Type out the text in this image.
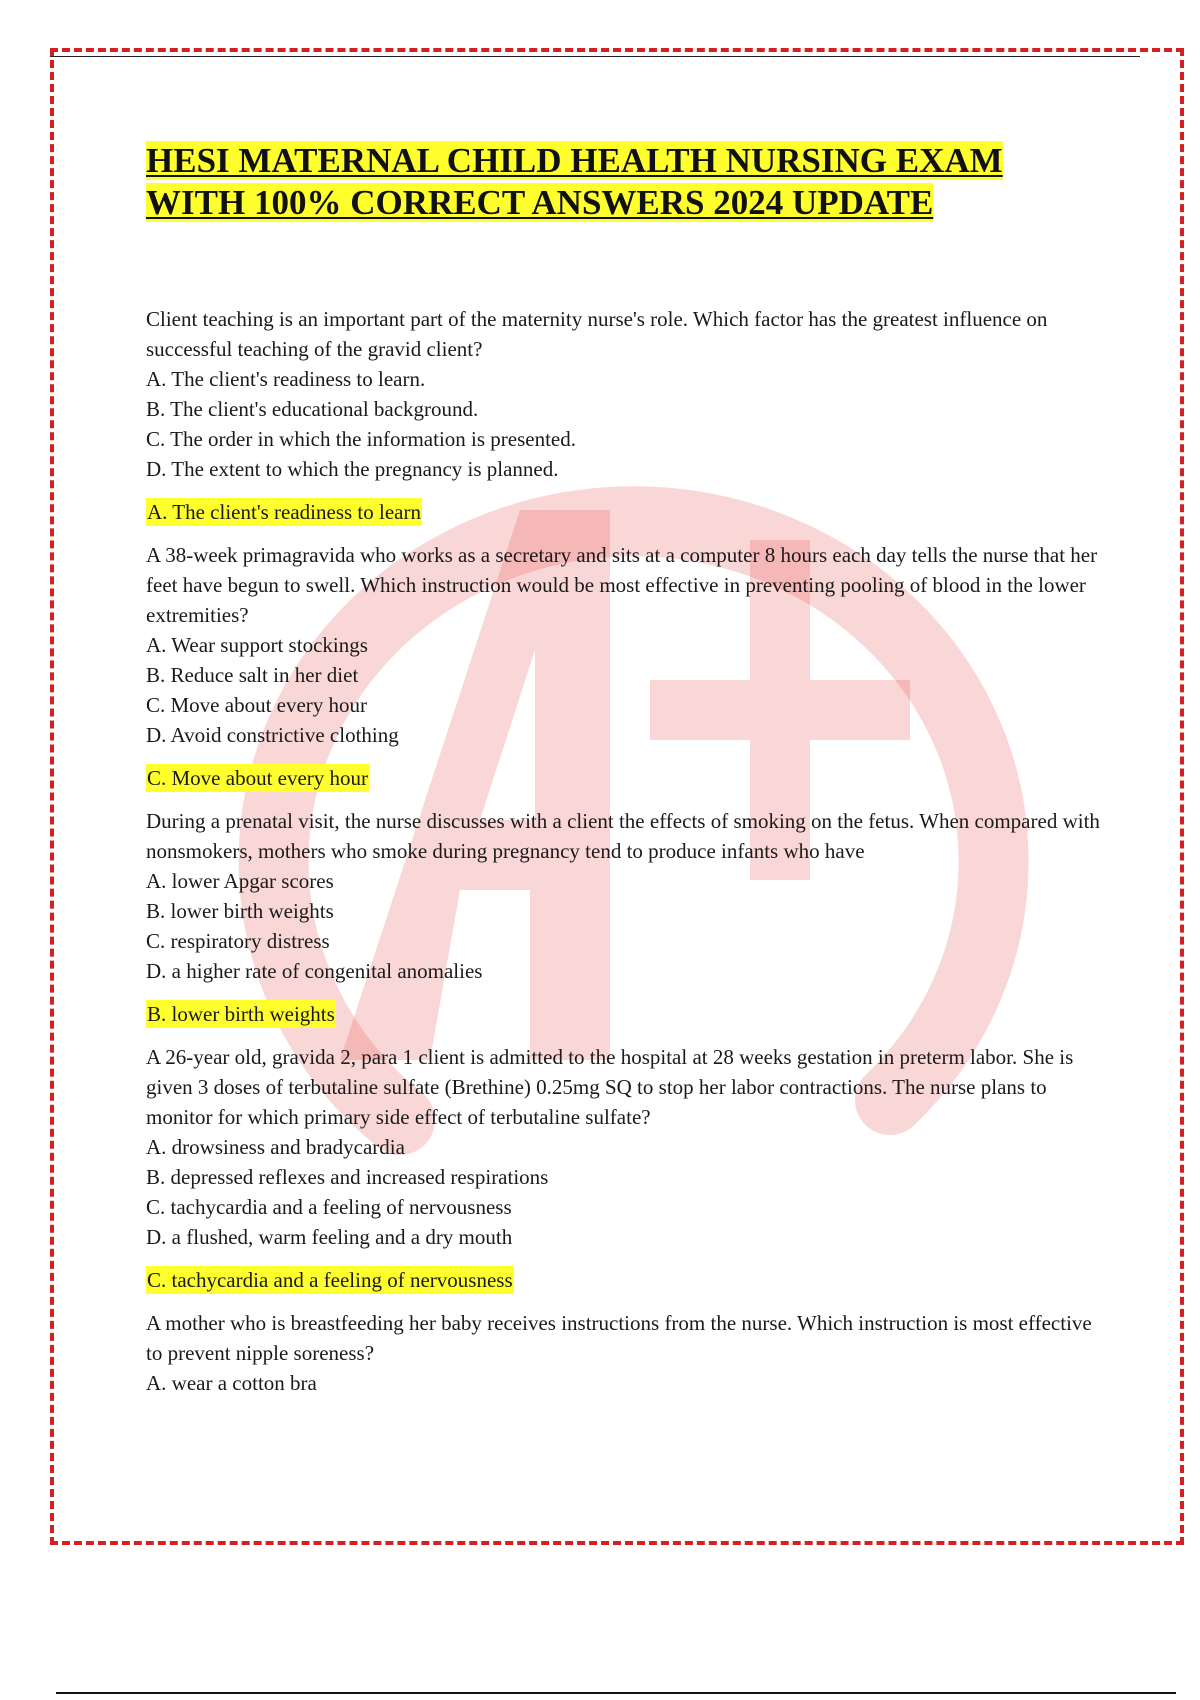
HESI MATERNAL CHILD HEALTH NURSING EXAM
WITH 100% CORRECT ANSWERS 2024 UPDATE

Client teaching is an important part of the maternity nurse's role. Which factor has the greatest influence on successful teaching of the gravid client?

A. The client's readiness to learn.

B. The client's educational background.

C. The order in which the information is presented.

D. The extent to which the pregnancy is planned.

A. The client's readiness to learn

A 38-week primagravida who works as a secretary and sits at a computer 8 hours each day tells the nurse that her feet have begun to swell. Which instruction would be most effective in preventing pooling of blood in the lower extremities?

A. Wear support stockings

B. Reduce salt in her diet

C. Move about every hour

D. Avoid constrictive clothing

C. Move about every hour

During a prenatal visit, the nurse discusses with a client the effects of smoking on the fetus. When compared with nonsmokers, mothers who smoke during pregnancy tend to produce infants who have

A. lower Apgar scores

B. lower birth weights

C. respiratory distress

D. a higher rate of congenital anomalies

B. lower birth weights

A 26-year old, gravida 2, para 1 client is admitted to the hospital at 28 weeks gestation in preterm labor. She is given 3 doses of terbutaline sulfate (Brethine) 0.25mg SQ to stop her labor contractions. The nurse plans to monitor for which primary side effect of terbutaline sulfate?

A. drowsiness and bradycardia

B. depressed reflexes and increased respirations

C. tachycardia and a feeling of nervousness

D. a flushed, warm feeling and a dry mouth

C. tachycardia and a feeling of nervousness

A mother who is breastfeeding her baby receives instructions from the nurse. Which instruction is most effective to prevent nipple soreness?

A. wear a cotton bra
